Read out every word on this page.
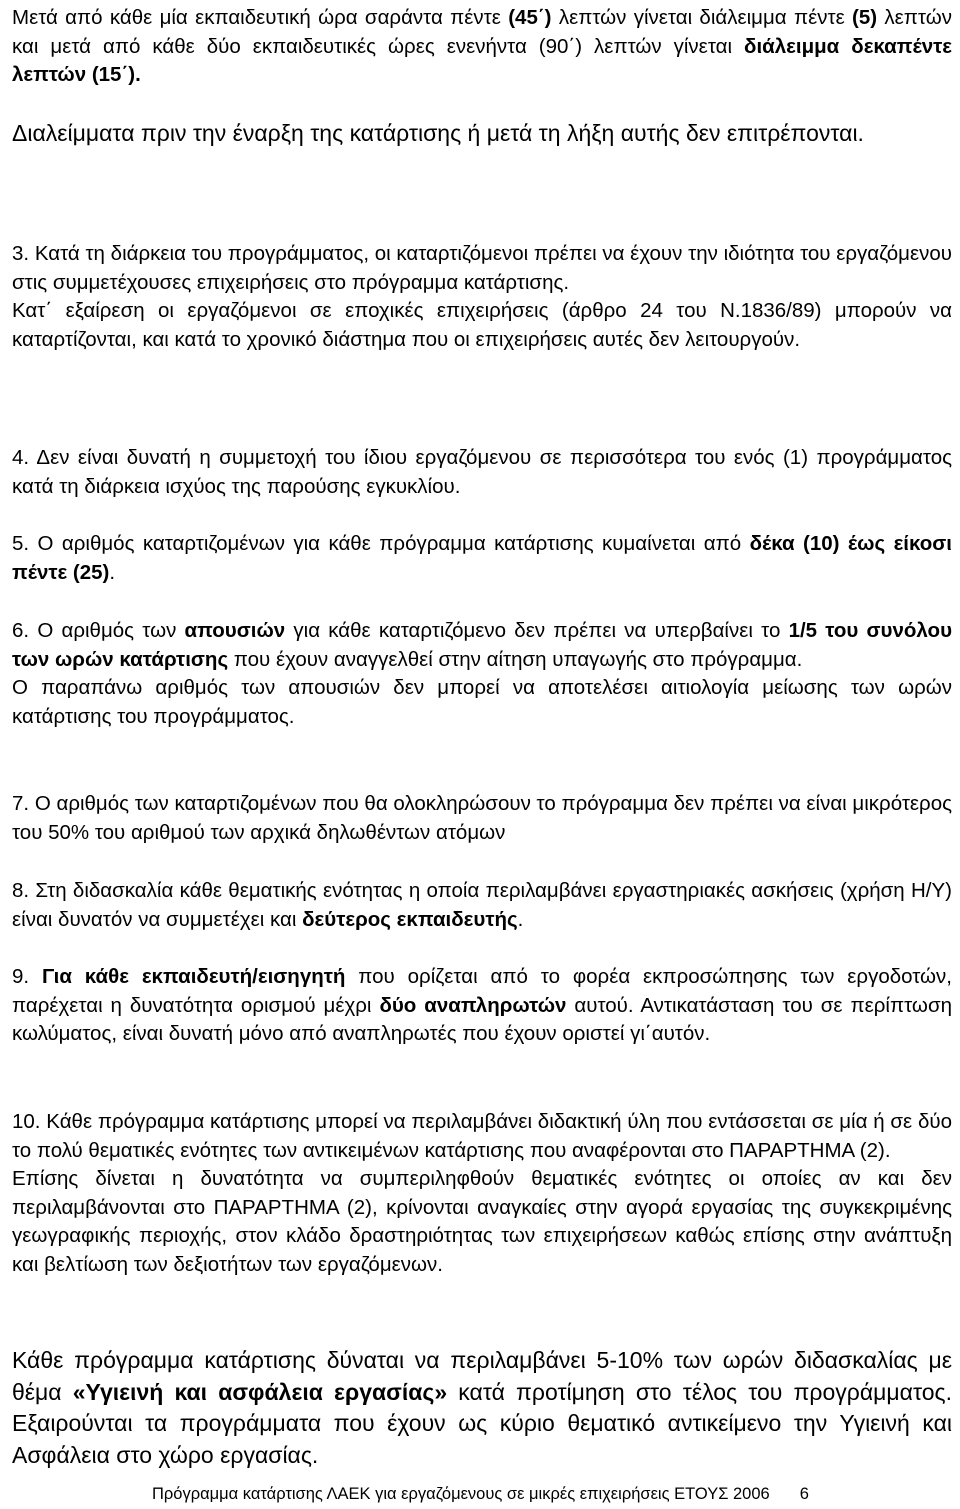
Μετά από κάθε μία εκπαιδευτική ώρα σαράντα πέντε (45΄) λεπτών γίνεται διάλειμμα πέντε (5) λεπτών και μετά από κάθε δύο εκπαιδευτικές ώρες ενενήντα (90΄) λεπτών γίνεται διάλειμμα δεκαπέντε λεπτών (15΄).

Διαλείμματα πριν την έναρξη της κατάρτισης ή μετά τη λήξη αυτής δεν επιτρέπονται.

3. Κατά τη διάρκεια του προγράμματος, οι καταρτιζόμενοι πρέπει να έχουν την ιδιότητα του εργαζόμενου στις συμμετέχουσες επιχειρήσεις στο πρόγραμμα κατάρτισης.
Κατ΄ εξαίρεση οι εργαζόμενοι σε εποχικές επιχειρήσεις (άρθρο 24 του Ν.1836/89) μπορούν να καταρτίζονται, και κατά το χρονικό διάστημα που οι επιχειρήσεις αυτές δεν λειτουργούν.

4. Δεν είναι δυνατή η συμμετοχή του ίδιου εργαζόμενου σε περισσότερα του ενός (1) προγράμματος κατά τη διάρκεια ισχύος της παρούσης εγκυκλίου.

5. Ο αριθμός καταρτιζομένων για κάθε πρόγραμμα κατάρτισης κυμαίνεται από δέκα (10) έως είκοσι πέντε (25).

6. Ο αριθμός των απουσιών για κάθε καταρτιζόμενο δεν πρέπει να υπερβαίνει το 1/5 του συνόλου των ωρών κατάρτισης που έχουν αναγγελθεί στην αίτηση υπαγωγής στο πρόγραμμα.
Ο παραπάνω αριθμός των απουσιών δεν μπορεί να αποτελέσει αιτιολογία μείωσης των ωρών κατάρτισης του προγράμματος.

7. Ο αριθμός των καταρτιζομένων που θα ολοκληρώσουν το πρόγραμμα δεν πρέπει να είναι μικρότερος του 50% του αριθμού των αρχικά δηλωθέντων ατόμων

8. Στη διδασκαλία κάθε θεματικής ενότητας η οποία περιλαμβάνει εργαστηριακές ασκήσεις (χρήση Η/Υ) είναι δυνατόν να συμμετέχει και δεύτερος εκπαιδευτής.

9. Για κάθε εκπαιδευτή/εισηγητή που ορίζεται από το φορέα εκπροσώπησης των εργοδοτών, παρέχεται η δυνατότητα ορισμού μέχρι δύο αναπληρωτών αυτού. Αντικατάσταση του σε περίπτωση κωλύματος, είναι δυνατή μόνο από αναπληρωτές που έχουν οριστεί γι΄αυτόν.

10. Κάθε πρόγραμμα κατάρτισης μπορεί να περιλαμβάνει διδακτική ύλη που εντάσσεται σε μία ή σε δύο το πολύ θεματικές ενότητες των αντικειμένων κατάρτισης που αναφέρονται στο ΠΑΡΑΡΤΗΜΑ (2).
Επίσης δίνεται η δυνατότητα να συμπεριληφθούν θεματικές ενότητες οι οποίες αν και δεν περιλαμβάνονται στο ΠΑΡΑΡΤΗΜΑ (2), κρίνονται αναγκαίες στην αγορά εργασίας της συγκεκριμένης γεωγραφικής περιοχής, στον κλάδο δραστηριότητας των επιχειρήσεων καθώς επίσης στην ανάπτυξη και βελτίωση των δεξιοτήτων των εργαζόμενων.

Κάθε πρόγραμμα κατάρτισης δύναται να περιλαμβάνει 5-10% των ωρών διδασκαλίας με θέμα «Υγιεινή και ασφάλεια εργασίας» κατά προτίμηση στο τέλος του προγράμματος. Εξαιρούνται τα προγράμματα που έχουν ως κύριο θεματικό αντικείμενο την Υγιεινή και Ασφάλεια στο χώρο εργασίας.

Πρόγραμμα κατάρτισης ΛΑΕΚ για εργαζόμενους σε μικρές επιχειρήσεις ΕΤΟΥΣ 2006 6
